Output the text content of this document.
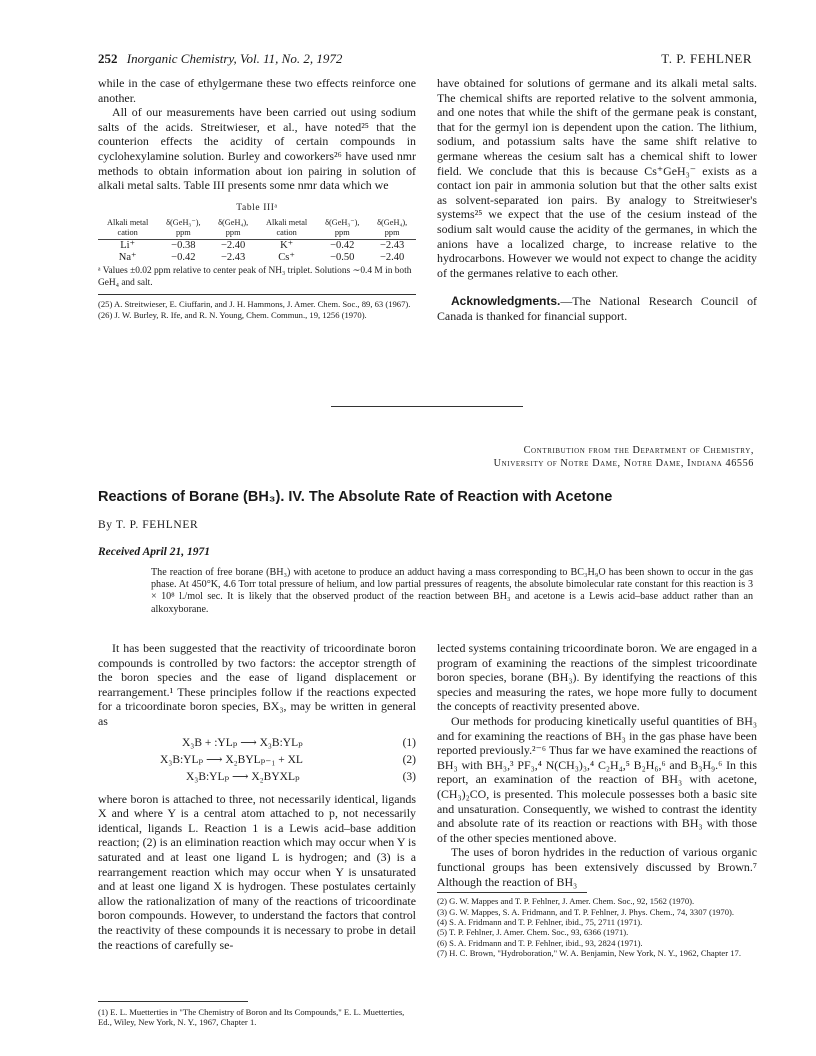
252 Inorganic Chemistry, Vol. 11, No. 2, 1972	T. P. FEHLNER

while in the case of ethylgermane these two effects reinforce one another.

All of our measurements have been carried out using sodium salts of the acids. Streitwieser, et al., have noted²⁵ that the counterion effects the acidity of certain compounds in cyclohexylamine solution. Burley and coworkers²⁶ have used nmr methods to obtain information about ion pairing in solution of alkali metal salts. Table III presents some nmr data which we

Table IIIᵃ
Alkali metal cation	δ(GeH₃⁻), ppm	δ(GeH₄), ppm	Alkali metal cation	δ(GeH₃⁻), ppm	δ(GeH₄), ppm
Li⁺	−0.38	−2.40	K⁺	−0.42	−2.43
Na⁺	−0.42	−2.43	Cs⁺	−0.50	−2.40
ᵃ Values ±0.02 ppm relative to center peak of NH₃ triplet. Solutions ∼0.4 M in both GeH₄ and salt.
(25) A. Streitwieser, E. Ciuffarin, and J. H. Hammons, J. Amer. Chem. Soc., 89, 63 (1967).
(26) J. W. Burley, R. Ife, and R. N. Young, Chem. Commun., 19, 1256 (1970).

have obtained for solutions of germane and its alkali metal salts. The chemical shifts are reported relative to the solvent ammonia, and one notes that while the shift of the germane peak is constant, that for the germyl ion is dependent upon the cation. The lithium, sodium, and potassium salts have the same shift relative to germane whereas the cesium salt has a chemical shift to lower field. We conclude that this is because Cs⁺GeH₃⁻ exists as a contact ion pair in ammonia solution but that the other salts exist as solvent-separated ion pairs. By analogy to Streitwieser's systems²⁵ we expect that the use of the cesium instead of the sodium salt would cause the acidity of the germanes, in which the anions have a localized charge, to increase relative to the hydrocarbons. However we would not expect to change the acidity of the germanes relative to each other.

Acknowledgments.—The National Research Council of Canada is thanked for financial support.

Contribution from the Department of Chemistry,
University of Notre Dame, Notre Dame, Indiana 46556
Reactions of Borane (BH₃). IV. The Absolute Rate of Reaction with Acetone
By T. P. FEHLNER
Received April 21, 1971
The reaction of free borane (BH₃) with acetone to produce an adduct having a mass corresponding to BC₃H₉O has been shown to occur in the gas phase. At 450°K, 4.6 Torr total pressure of helium, and low partial pressures of reagents, the absolute bimolecular rate constant for this reaction is 3 × 10⁸ l./mol sec. It is likely that the observed product of the reaction between BH₃ and acetone is a Lewis acid–base adduct rather than an alkoxyborane.

It has been suggested that the reactivity of tricoordinate boron compounds is controlled by two factors: the acceptor strength of the boron species and the ease of ligand displacement or rearrangement.¹ These principles follow if the reactions expected for a tricoordinate boron species, BX₃, may be written in general as

X₃B + :YLₚ ⟶ X₃B:YLₚ	(1)
X₃B:YLₚ ⟶ X₂BYLₚ₋₁ + XL	(2)
X₃B:YLₚ ⟶ X₂BYXLₚ	(3)

where boron is attached to three, not necessarily identical, ligands X and where Y is a central atom attached to p, not necessarily identical, ligands L. Reaction 1 is a Lewis acid–base addition reaction; (2) is an elimination reaction which may occur when Y is saturated and at least one ligand L is hydrogen; and (3) is a rearrangement reaction which may occur when Y is unsaturated and at least one ligand X is hydrogen. These postulates certainly allow the rationalization of many of the reactions of tricoordinate boron compounds. However, to understand the factors that control the reactivity of these compounds it is necessary to probe in detail the reactions of carefully se-

(1) E. L. Muetterties in "The Chemistry of Boron and Its Compounds," E. L. Muetterties, Ed., Wiley, New York, N. Y., 1967, Chapter 1.

lected systems containing tricoordinate boron. We are engaged in a program of examining the reactions of the simplest tricoordinate boron species, borane (BH₃). By identifying the reactions of this species and measuring the rates, we hope more fully to document the concepts of reactivity presented above.

Our methods for producing kinetically useful quantities of BH₃ and for examining the reactions of BH₃ in the gas phase have been reported previously.²⁻⁶ Thus far we have examined the reactions of BH₃ with BH₃,³ PF₃,⁴ N(CH₃)₃,⁴ C₂H₄,⁵ B₂H₆,⁶ and B₃H₉.⁶ In this report, an examination of the reaction of BH₃ with acetone, (CH₃)₂CO, is presented. This molecule possesses both a basic site and unsaturation. Consequently, we wished to contrast the identity and absolute rate of its reaction or reactions with BH₃ with those of the other species mentioned above.

The uses of boron hydrides in the reduction of various organic functional groups has been extensively discussed by Brown.⁷ Although the reaction of BH₃

(2) G. W. Mappes and T. P. Fehlner, J. Amer. Chem. Soc., 92, 1562 (1970).
(3) G. W. Mappes, S. A. Fridmann, and T. P. Fehlner, J. Phys. Chem., 74, 3307 (1970).
(4) S. A. Fridmann and T. P. Fehlner, ibid., 75, 2711 (1971).
(5) T. P. Fehlner, J. Amer. Chem. Soc., 93, 6366 (1971).
(6) S. A. Fridmann and T. P. Fehlner, ibid., 93, 2824 (1971).
(7) H. C. Brown, "Hydroboration," W. A. Benjamin, New York, N. Y., 1962, Chapter 17.
